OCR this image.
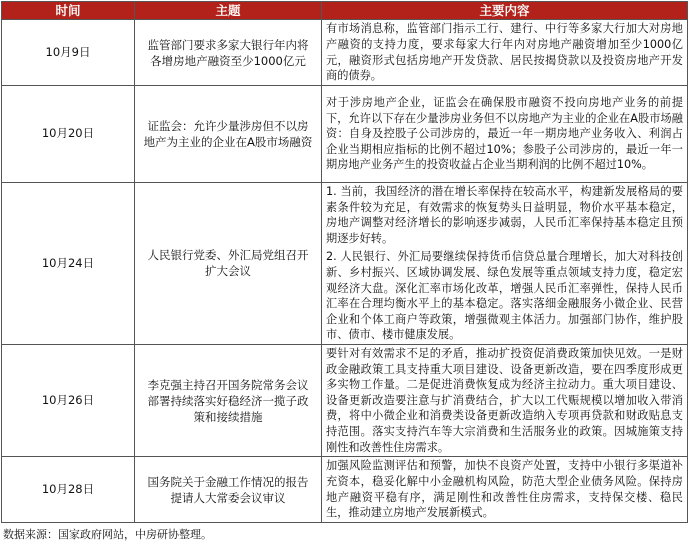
时间	主题	主要内容
10月9日	监管部门要求多家大银行年内将各增房地产融资至少1000亿元	有市场消息称，监管部门指示工行、建行、中行等多家大行加大对房地产融资的支持力度，要求每家大行年内对房地产融资增加至少1000亿元，融资形式包括房地产开发贷款、居民按揭贷款以及投资房地产开发商的债券。

10月20日	证监会：允许少量涉房但不以房地产为主业的企业在A股市场融资	对于涉房地产企业，证监会在确保股市融资不投向房地产业务的前提下，允许以下存在少量涉房业务但不以房地产为主业的企业在A股市场融资：自身及控股子公司涉房的，最近一年一期房地产业务收入、利润占企业当期相应指标的比例不超过10%；参股子公司涉房的，最近一年一期房地产业务产生的投资收益占企业当期利润的比例不超过10%。

10月24日	人民银行党委、外汇局党组召开扩大会议	1. 当前，我国经济的潜在增长率保持在较高水平，构建新发展格局的要素条件较为充足，有效需求的恢复势头日益明显，物价水平基本稳定，房地产调整对经济增长的影响逐步减弱，人民币汇率保持基本稳定且预期逐步好转。

2. 人民银行、外汇局要继续保持货币信贷总量合理增长，加大对科技创新、乡村振兴、区域协调发展、绿色发展等重点领域支持力度，稳定宏观经济大盘。深化汇率市场化改革，增强人民币汇率弹性，保持人民币汇率在合理均衡水平上的基本稳定。落实落细金融服务小微企业、民营企业和个体工商户等政策，增强微观主体活力。加强部门协作，维护股市、债市、楼市健康发展。

10月26日	李克强主持召开国务院常务会议部署持续落实好稳经济一揽子政策和接续措施	要针对有效需求不足的矛盾，推动扩投资促消费政策加快见效。一是财政金融政策工具支持重大项目建设、设备更新改造，要在四季度形成更多实物工作量。二是促进消费恢复成为经济主拉动力。重大项目建设、设备更新改造要注意与扩消费结合，扩大以工代赈规模以增加收入带消费，将中小微企业和消费类设备更新改造纳入专项再贷款和财政贴息支持范围。落实支持汽车等大宗消费和生活服务业的政策。因城施策支持刚性和改善性住房需求。

10月28日	国务院关于金融工作情况的报告提请人大常委会议审议	加强风险监测评估和预警，加快不良资产处置，支持中小银行多渠道补充资本，稳妥化解中小金融机构风险，防范大型企业债务风险。保持房地产融资平稳有序，满足刚性和改善性住房需求，支持保交楼、稳民生，推动建立房地产发展新模式。

数据来源：国家政府网站，中房研协整理。
